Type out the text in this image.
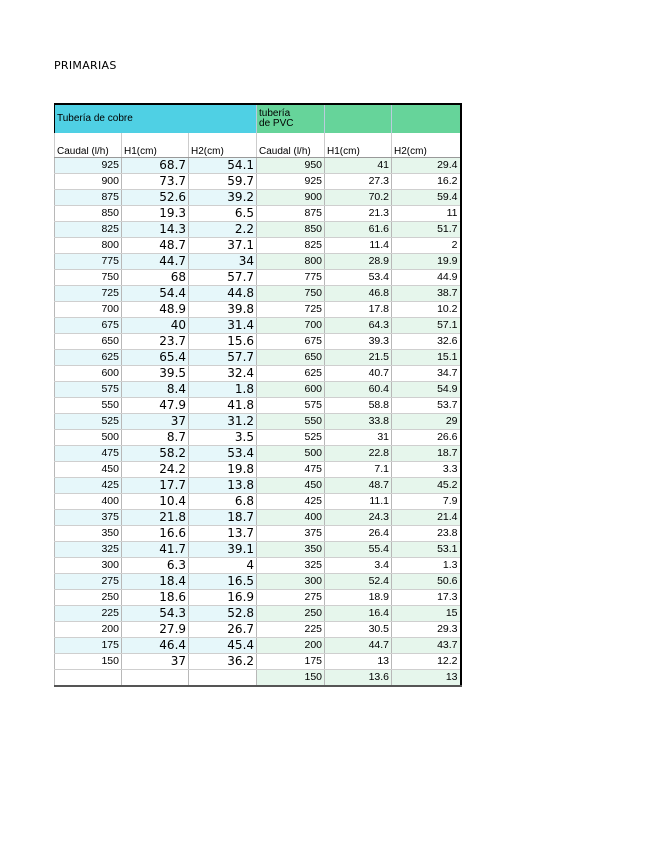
PRIMARIAS
Tubería de cobre			tubería de PVC		

Caudal (l/h)	H1(cm)	H2(cm)	Caudal (l/h)	H1(cm)	H2(cm)
925	68.7	54.1	950	41	29.4
900	73.7	59.7	925	27.3	16.2
875	52.6	39.2	900	70.2	59.4
850	19.3	6.5	875	21.3	11
825	14.3	2.2	850	61.6	51.7
800	48.7	37.1	825	11.4	2
775	44.7	34	800	28.9	19.9
750	68	57.7	775	53.4	44.9
725	54.4	44.8	750	46.8	38.7
700	48.9	39.8	725	17.8	10.2
675	40	31.4	700	64.3	57.1
650	23.7	15.6	675	39.3	32.6
625	65.4	57.7	650	21.5	15.1
600	39.5	32.4	625	40.7	34.7
575	8.4	1.8	600	60.4	54.9
550	47.9	41.8	575	58.8	53.7
525	37	31.2	550	33.8	29
500	8.7	3.5	525	31	26.6
475	58.2	53.4	500	22.8	18.7
450	24.2	19.8	475	7.1	3.3
425	17.7	13.8	450	48.7	45.2
400	10.4	6.8	425	11.1	7.9
375	21.8	18.7	400	24.3	21.4
350	16.6	13.7	375	26.4	23.8
325	41.7	39.1	350	55.4	53.1
300	6.3	4	325	3.4	1.3
275	18.4	16.5	300	52.4	50.6
250	18.6	16.9	275	18.9	17.3
225	54.3	52.8	250	16.4	15
200	27.9	26.7	225	30.5	29.3
175	46.4	45.4	200	44.7	43.7
150	37	36.2	175	13	12.2
			150	13.6	13
